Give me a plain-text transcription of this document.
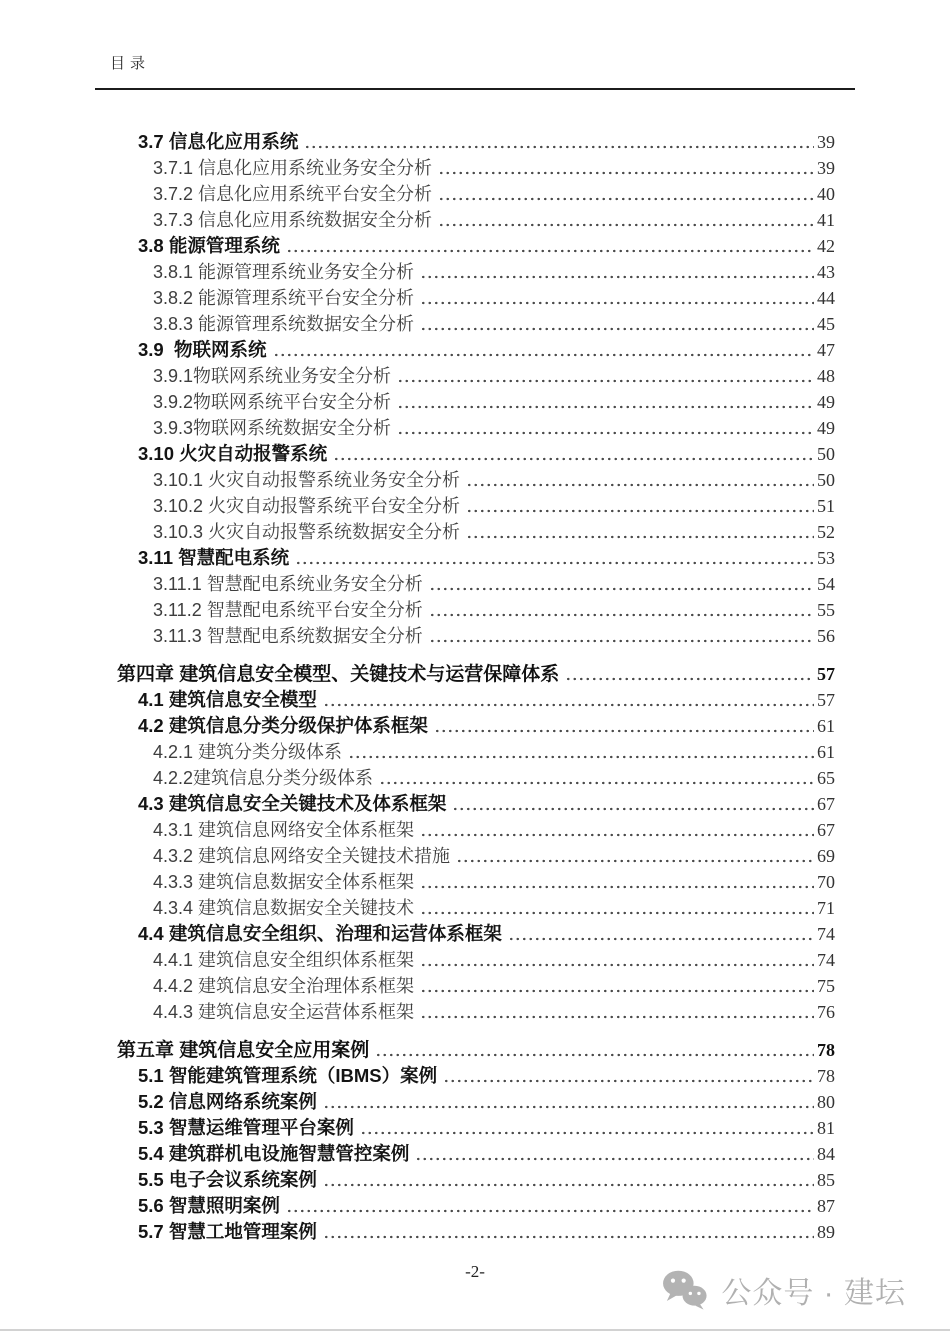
目录
3.7 信息化应用系统	39
3.7.1 信息化应用系统业务安全分析	39
3.7.2 信息化应用系统平台安全分析	40
3.7.3 信息化应用系统数据安全分析	41
3.8 能源管理系统	42
3.8.1 能源管理系统业务安全分析	43
3.8.2 能源管理系统平台安全分析	44
3.8.3 能源管理系统数据安全分析	45
3.9  物联网系统	47
3.9.1物联网系统业务安全分析	48
3.9.2物联网系统平台安全分析	49
3.9.3物联网系统数据安全分析	49
3.10 火灾自动报警系统	50
3.10.1 火灾自动报警系统业务安全分析	50
3.10.2 火灾自动报警系统平台安全分析	51
3.10.3 火灾自动报警系统数据安全分析	52
3.11 智慧配电系统	53
3.11.1 智慧配电系统业务安全分析	54
3.11.2 智慧配电系统平台安全分析	55
3.11.3 智慧配电系统数据安全分析	56
第四章 建筑信息安全模型、关键技术与运营保障体系	57
4.1 建筑信息安全模型	57
4.2 建筑信息分类分级保护体系框架	61
4.2.1 建筑分类分级体系	61
4.2.2建筑信息分类分级体系	65
4.3 建筑信息安全关键技术及体系框架	67
4.3.1 建筑信息网络安全体系框架	67
4.3.2 建筑信息网络安全关键技术措施	69
4.3.3 建筑信息数据安全体系框架	70
4.3.4 建筑信息数据安全关键技术	71
4.4 建筑信息安全组织、治理和运营体系框架	74
4.4.1 建筑信息安全组织体系框架	74
4.4.2 建筑信息安全治理体系框架	75
4.4.3 建筑信息安全运营体系框架	76
第五章 建筑信息安全应用案例	78
5.1 智能建筑管理系统（IBMS）案例	78
5.2 信息网络系统案例	80
5.3 智慧运维管理平台案例	81
5.4 建筑群机电设施智慧管控案例	84
5.5 电子会议系统案例	85
5.6 智慧照明案例	87
5.7 智慧工地管理案例	89
-2-
公众号 · 建坛
